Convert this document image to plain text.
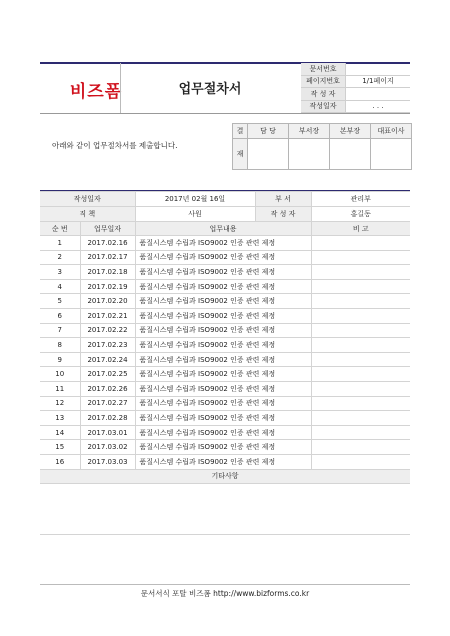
비즈폼	업무절차서
문서번호	
페이지번호	1/1페이지
작 성 자	
작성일자	. . .
아래와 같이 업무절차서를 제출합니다.
결	담 당	부서장	본부장	대표이사
재				
작성일자		2017년 02월 16일	부 서	관리부
직 책		사원	작 성 자	홍길동
순 번	업무일자	업무내용		비 고
1	2017.02.16	품질시스템 수립과 ISO9002 인증 관련 제정		
2	2017.02.17	품질시스템 수립과 ISO9002 인증 관련 제정		
3	2017.02.18	품질시스템 수립과 ISO9002 인증 관련 제정		
4	2017.02.19	품질시스템 수립과 ISO9002 인증 관련 제정		
5	2017.02.20	품질시스템 수립과 ISO9002 인증 관련 제정		
6	2017.02.21	품질시스템 수립과 ISO9002 인증 관련 제정		
7	2017.02.22	품질시스템 수립과 ISO9002 인증 관련 제정		
8	2017.02.23	품질시스템 수립과 ISO9002 인증 관련 제정		
9	2017.02.24	품질시스템 수립과 ISO9002 인증 관련 제정		
10	2017.02.25	품질시스템 수립과 ISO9002 인증 관련 제정		
11	2017.02.26	품질시스템 수립과 ISO9002 인증 관련 제정		
12	2017.02.27	품질시스템 수립과 ISO9002 인증 관련 제정		
13	2017.02.28	품질시스템 수립과 ISO9002 인증 관련 제정		
14	2017.03.01	품질시스템 수립과 ISO9002 인증 관련 제정		
15	2017.03.02	품질시스템 수립과 ISO9002 인증 관련 제정		
16	2017.03.03	품질시스템 수립과 ISO9002 인증 관련 제정		
기타사항				

문서서식 포탈 비즈폼 http://www.bizforms.co.kr
